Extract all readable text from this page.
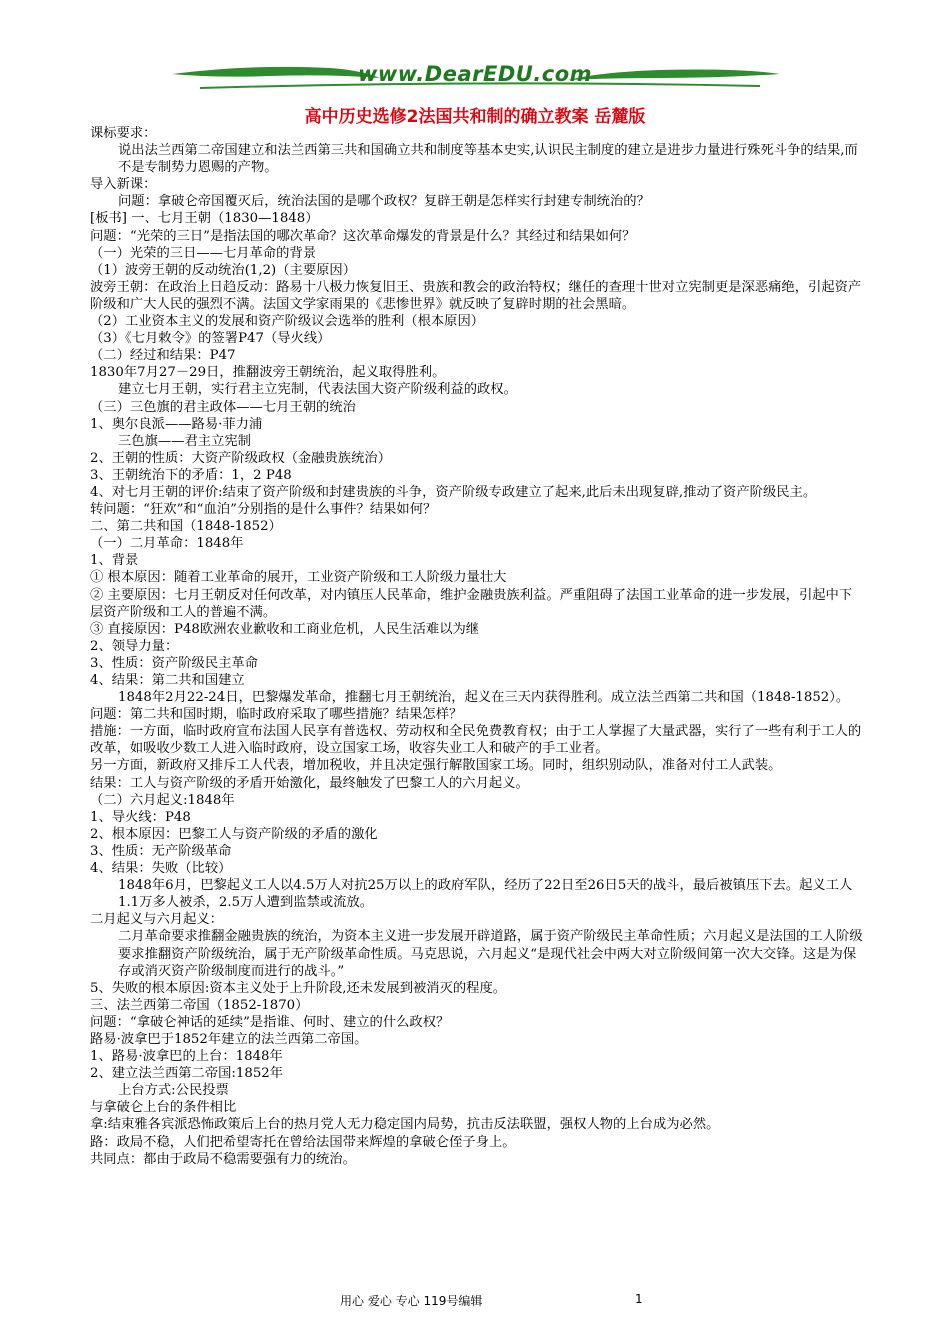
www.DearEDU.com
高中历史选修2法国共和制的确立教案 岳麓版

课标要求：

说出法兰西第二帝国建立和法兰西第三共和国确立共和制度等基本史实,认识民主制度的建立是进步力量进行殊死斗争的结果,而不是专制势力恩赐的产物。

导入新课：

问题：拿破仑帝国覆灭后，统治法国的是哪个政权？复辟王朝是怎样实行封建专制统治的？

[板书] 一、七月王朝（1830—1848）

问题：“光荣的三日”是指法国的哪次革命？这次革命爆发的背景是什么？其经过和结果如何？

（一）光荣的三日——七月革命的背景

（1）波旁王朝的反动统治(1,2)（主要原因）

波旁王朝：在政治上日趋反动：路易十八极力恢复旧王、贵族和教会的政治特权；继任的查理十世对立宪制更是深恶痛绝，引起资产阶级和广大人民的强烈不满。法国文学家雨果的《悲惨世界》就反映了复辟时期的社会黑暗。

（2）工业资本主义的发展和资产阶级议会选举的胜利（根本原因）

（3）《七月敕令》的签署P47（导火线）

（二）经过和结果：P47

1830年7月27－29日，推翻波旁王朝统治，起义取得胜利。

建立七月王朝，实行君主立宪制，代表法国大资产阶级利益的政权。

（三）三色旗的君主政体——七月王朝的统治

1、奥尔良派——路易·菲力浦

三色旗——君主立宪制

2、王朝的性质：大资产阶级政权（金融贵族统治）

3、王朝统治下的矛盾：1，2 P48

4、对七月王朝的评价:结束了资产阶级和封建贵族的斗争，资产阶级专政建立了起来,此后未出现复辟,推动了资产阶级民主。

转问题：“狂欢”和“血泊”分别指的是什么事件？结果如何？

二、第二共和国（1848-1852）

（一）二月革命：1848年

1、背景

① 根本原因：随着工业革命的展开，工业资产阶级和工人阶级力量壮大

② 主要原因：七月王朝反对任何改革，对内镇压人民革命，维护金融贵族利益。严重阻碍了法国工业革命的进一步发展，引起中下层资产阶级和工人的普遍不满。

③ 直接原因：P48欧洲农业歉收和工商业危机，人民生活难以为继

2、领导力量：

3、性质：资产阶级民主革命

4、结果：第二共和国建立

1848年2月22-24日，巴黎爆发革命，推翻七月王朝统治，起义在三天内获得胜利。成立法兰西第二共和国（1848-1852）。

问题：第二共和国时期，临时政府采取了哪些措施？结果怎样？

措施：一方面，临时政府宣布法国人民享有普选权、劳动权和全民免费教育权；由于工人掌握了大量武器，实行了一些有利于工人的改革，如吸收少数工人进入临时政府，设立国家工场，收容失业工人和破产的手工业者。

另一方面，新政府又排斥工人代表，增加税收，并且决定强行解散国家工场。同时，组织别动队，准备对付工人武装。

结果：工人与资产阶级的矛盾开始激化，最终触发了巴黎工人的六月起义。

（二）六月起义:1848年

1、导火线：P48

2、根本原因：巴黎工人与资产阶级的矛盾的激化

3、性质：无产阶级革命

4、结果：失败（比较）

1848年6月，巴黎起义工人以4.5万人对抗25万以上的政府军队，经历了22日至26日5天的战斗，最后被镇压下去。起义工人1.1万多人被杀，2.5万人遭到监禁或流放。

二月起义与六月起义：

二月革命要求推翻金融贵族的统治，为资本主义进一步发展开辟道路，属于资产阶级民主革命性质；六月起义是法国的工人阶级要求推翻资产阶级统治，属于无产阶级革命性质。马克思说，六月起义“是现代社会中两大对立阶级间第一次大交锋。这是为保存或消灭资产阶级制度而进行的战斗。”

5、失败的根本原因:资本主义处于上升阶段,还未发展到被消灭的程度。

三、法兰西第二帝国（1852-1870）

问题：“拿破仑神话的延续”是指谁、何时、建立的什么政权？

路易·波拿巴于1852年建立的法兰西第二帝国。

1、路易·波拿巴的上台：1848年

2、建立法兰西第二帝国:1852年

上台方式:公民投票

与拿破仑上台的条件相比

拿:结束雅各宾派恐怖政策后上台的热月党人无力稳定国内局势，抗击反法联盟，强权人物的上台成为必然。

路：政局不稳，人们把希望寄托在曾给法国带来辉煌的拿破仑侄子身上。

共同点：都由于政局不稳需要强有力的统治。

用心 爱心 专心 119号编辑	1
